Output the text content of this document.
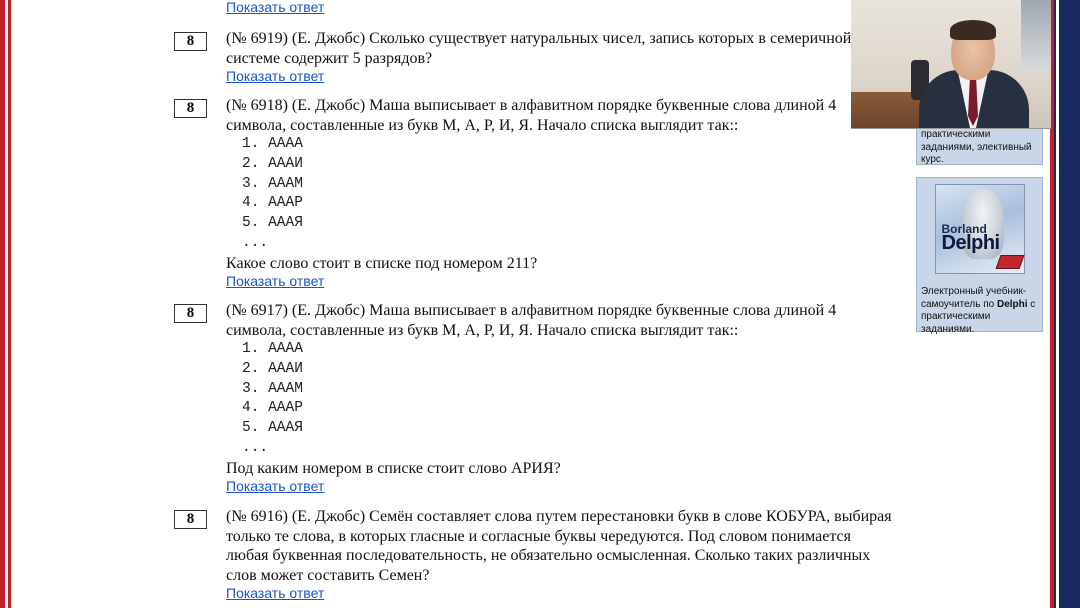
Показать ответ
8	(№ 6919) (Е. Джобс) Сколько существует натуральных чисел, запись которых в семеричной системе содержит 5 разрядов?

Показать ответ
8	(№ 6918) (Е. Джобс) Маша выписывает в алфавитном порядке буквенные слова длиной 4 символа, составленные из букв М, А, Р, И, Я. Начало списка выглядит так::

1. АААА
2. АААИ
3. АААМ
4. АААР
5. АААЯ
...

Какое слово стоит в списке под номером 211?

Показать ответ
8	(№ 6917) (Е. Джобс) Маша выписывает в алфавитном порядке буквенные слова длиной 4 символа, составленные из букв М, А, Р, И, Я. Начало списка выглядит так::

1. АААА
2. АААИ
3. АААМ
4. АААР
5. АААЯ
...

Под каким номером в списке стоит слово АРИЯ?

Показать ответ
8	(№ 6916) (Е. Джобс) Семён составляет слова путем перестановки букв в слове КОБУРА, выбирая только те слова, в которых гласные и согласные буквы чередуются. Под словом понимается любая буквенная последовательность, не обязательно осмысленная. Сколько таких различных слов может составить Семен?

Показать ответ
практическими заданиями, элективный курс.
Borland
Delphi
Электронный учебник-самоучитель по Delphi с практическими заданиями.
